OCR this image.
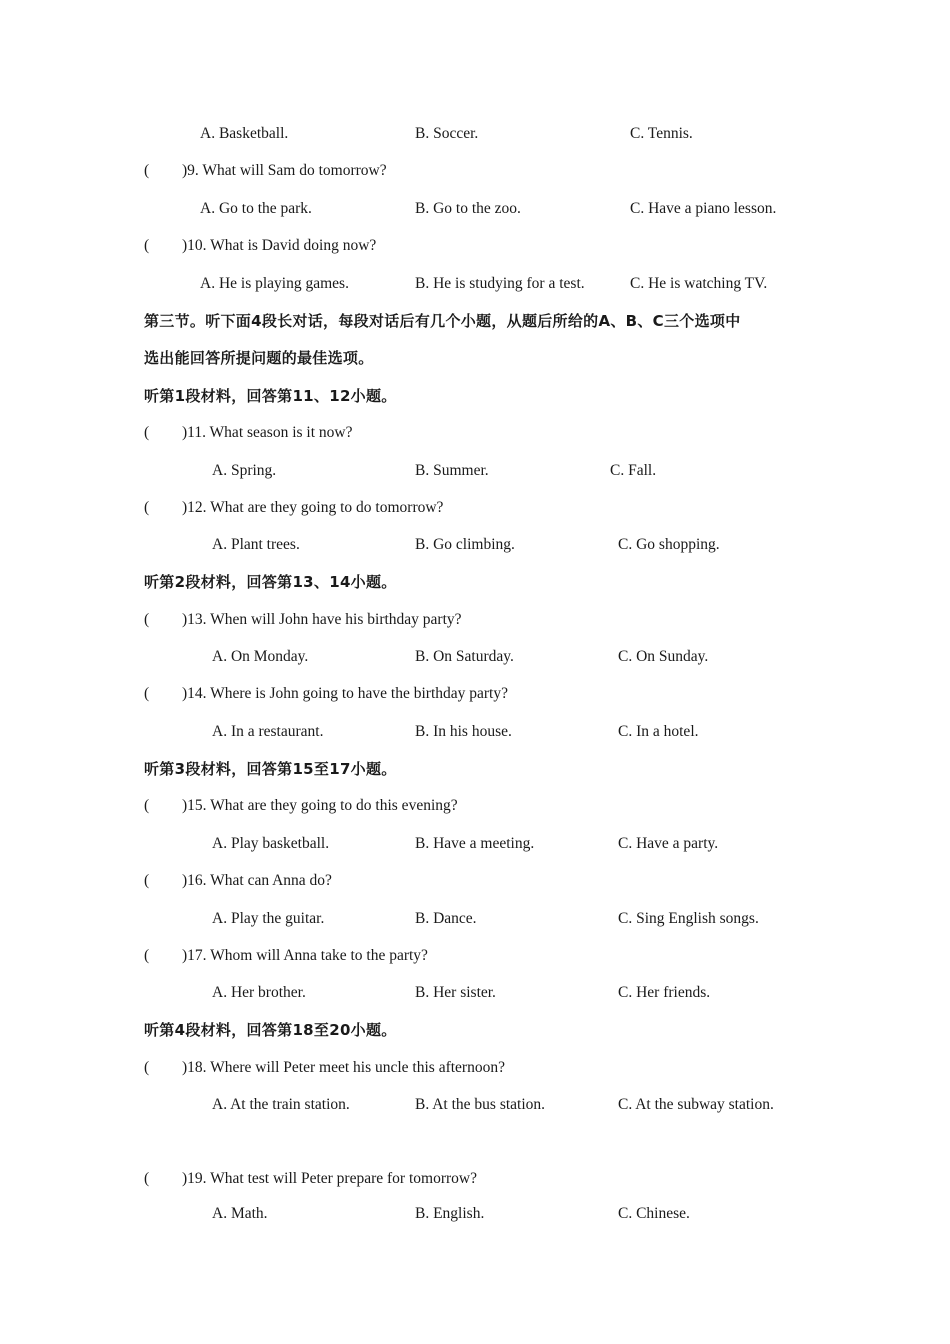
A. Basketball.	B. Soccer.	C. Tennis.
( )9. What will Sam do tomorrow?
A. Go to the park.	B. Go to the zoo.	C. Have a piano lesson.
( )10. What is David doing now?
A. He is playing games.	B. He is studying for a test.	C. He is watching TV.
第三节。听下面4段长对话，每段对话后有几个小题，从题后所给的A、B、C三个选项中
选出能回答所提问题的最佳选项。
听第1段材料，回答第11、12小题。
( )11. What season is it now?
A. Spring.	B. Summer.	C. Fall.
( )12. What are they going to do tomorrow?
A. Plant trees.	B. Go climbing.	C. Go shopping.
听第2段材料，回答第13、14小题。
( )13. When will John have his birthday party?
A. On Monday.	B. On Saturday.	C. On Sunday.
( )14. Where is John going to have the birthday party?
A. In a restaurant.	B. In his house.	C. In a hotel.
听第3段材料，回答第15至17小题。
( )15. What are they going to do this evening?
A. Play basketball.	B. Have a meeting.	C. Have a party.
( )16. What can Anna do?
A. Play the guitar.	B. Dance.	C. Sing English songs.
( )17. Whom will Anna take to the party?
A. Her brother.	B. Her sister.	C. Her friends.
听第4段材料，回答第18至20小题。
( )18. Where will Peter meet his uncle this afternoon?
A. At the train station.	B. At the bus station.	C. At the subway station.
( )19. What test will Peter prepare for tomorrow?
A. Math.	B. English.	C. Chinese.
